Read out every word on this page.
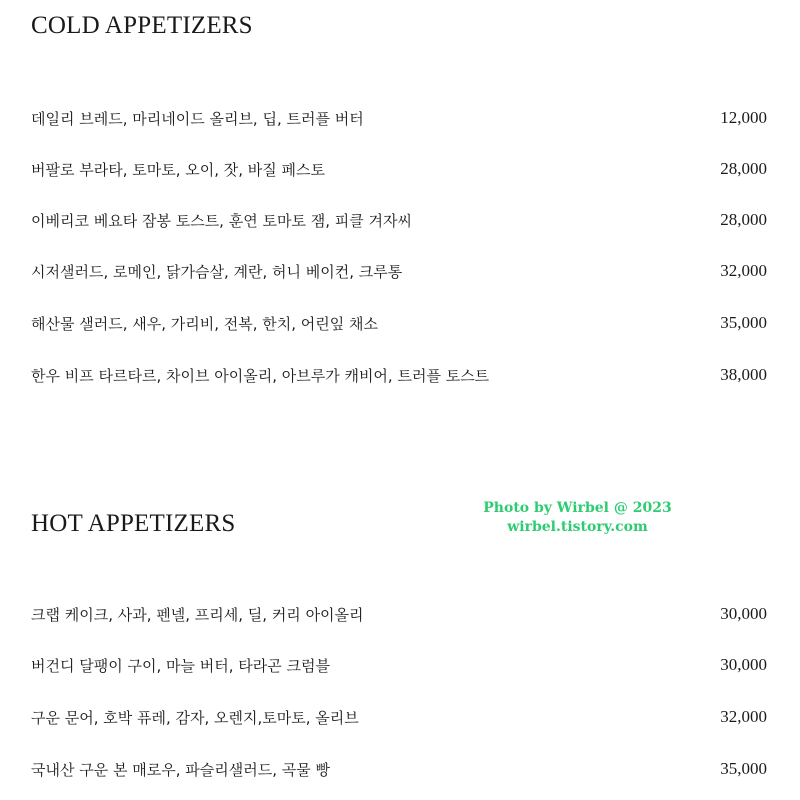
COLD APPETIZERS
데일리 브레드, 마리네이드 올리브, 딥, 트러플 버터	12,000
버팔로 부라타, 토마토, 오이, 잣, 바질 페스토	28,000
이베리코 베요타 잠봉 토스트, 훈연 토마토 잼, 피클 겨자씨	28,000
시저샐러드, 로메인, 닭가슴살, 계란, 허니 베이컨, 크루통	32,000
해산물 샐러드, 새우, 가리비, 전복, 한치, 어린잎 채소	35,000
한우 비프 타르타르, 차이브 아이올리, 아브루가 캐비어, 트러플 토스트	38,000
HOT APPETIZERS
Photo by Wirbel @ 2023
wirbel.tistory.com
크랩 케이크, 사과, 펜넬, 프리세, 딜, 커리 아이올리	30,000
버건디 달팽이 구이, 마늘 버터, 타라곤 크럼블	30,000
구운 문어, 호박 퓨레, 감자, 오렌지,토마토, 올리브	32,000
국내산 구운 본 매로우, 파슬리샐러드, 곡물 빵	35,000
